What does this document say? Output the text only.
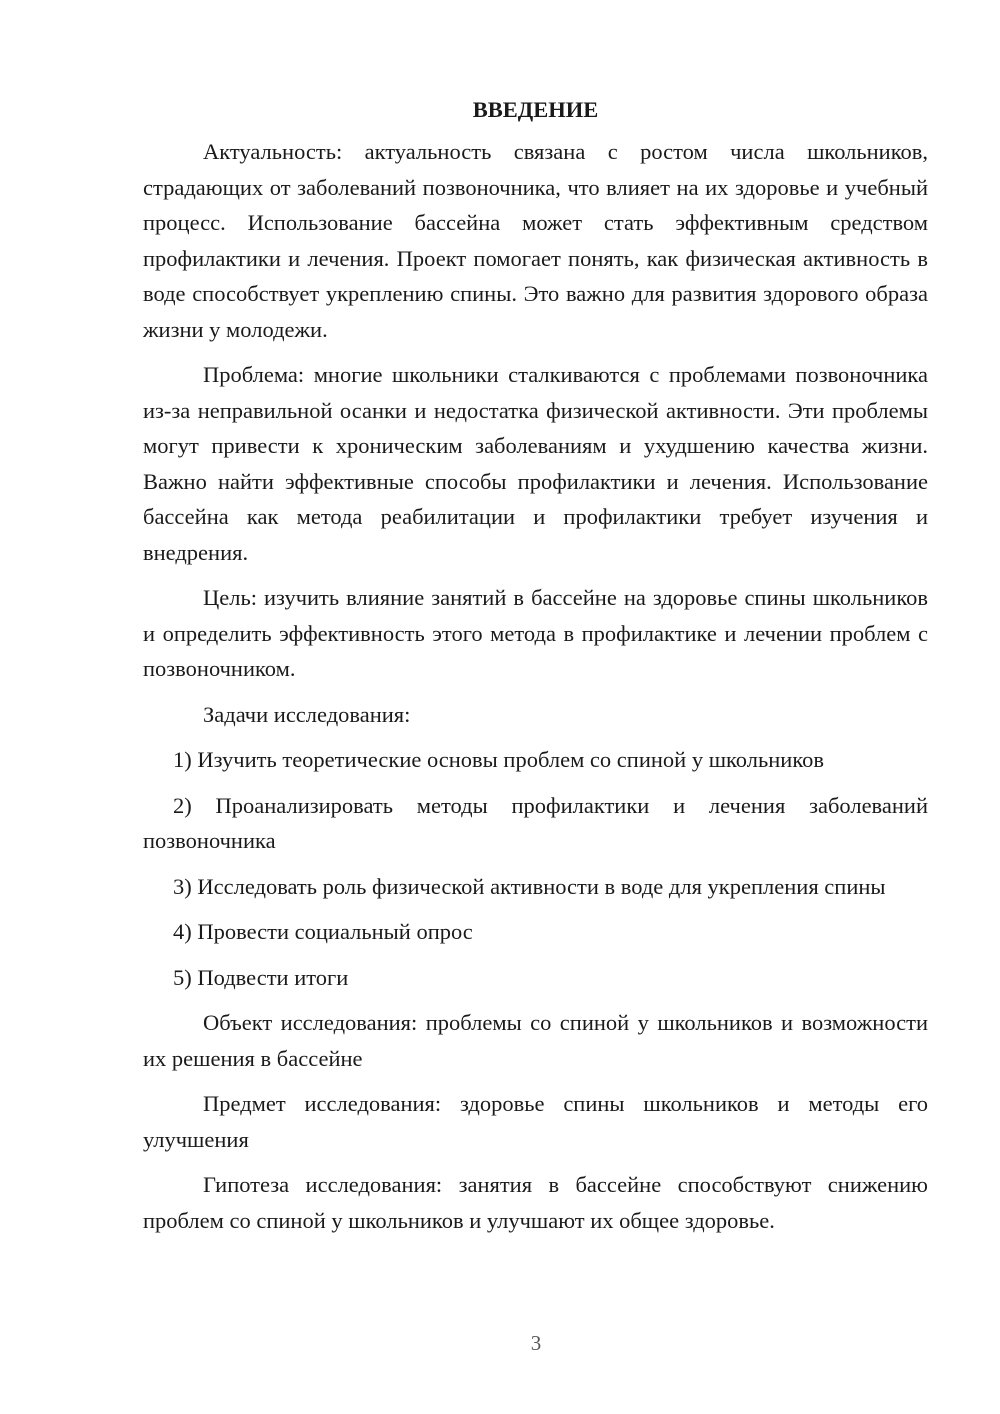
ВВЕДЕНИЕ

Актуальность: актуальность связана с ростом числа школьников, страдающих от заболеваний позвоночника, что влияет на их здоровье и учебный процесс. Использование бассейна может стать эффективным средством профилактики и лечения. Проект помогает понять, как физическая активность в воде способствует укреплению спины. Это важно для развития здорового образа жизни у молодежи.

Проблема: многие школьники сталкиваются с проблемами позвоночника из-за неправильной осанки и недостатка физической активности. Эти проблемы могут привести к хроническим заболеваниям и ухудшению качества жизни. Важно найти эффективные способы профилактики и лечения. Использование бассейна как метода реабилитации и профилактики требует изучения и внедрения.

Цель: изучить влияние занятий в бассейне на здоровье спины школьников и определить эффективность этого метода в профилактике и лечении проблем с позвоночником.

Задачи исследования:

1) Изучить теоретические основы проблем со спиной у школьников

2) Проанализировать методы профилактики и лечения заболеваний позвоночника

3) Исследовать роль физической активности в воде для укрепления спины

4) Провести социальный опрос

5) Подвести итоги

Объект исследования: проблемы со спиной у школьников и возможности их решения в бассейне

Предмет исследования: здоровье спины школьников и методы его улучшения

Гипотеза исследования: занятия в бассейне способствуют снижению проблем со спиной у школьников и улучшают их общее здоровье.

3
